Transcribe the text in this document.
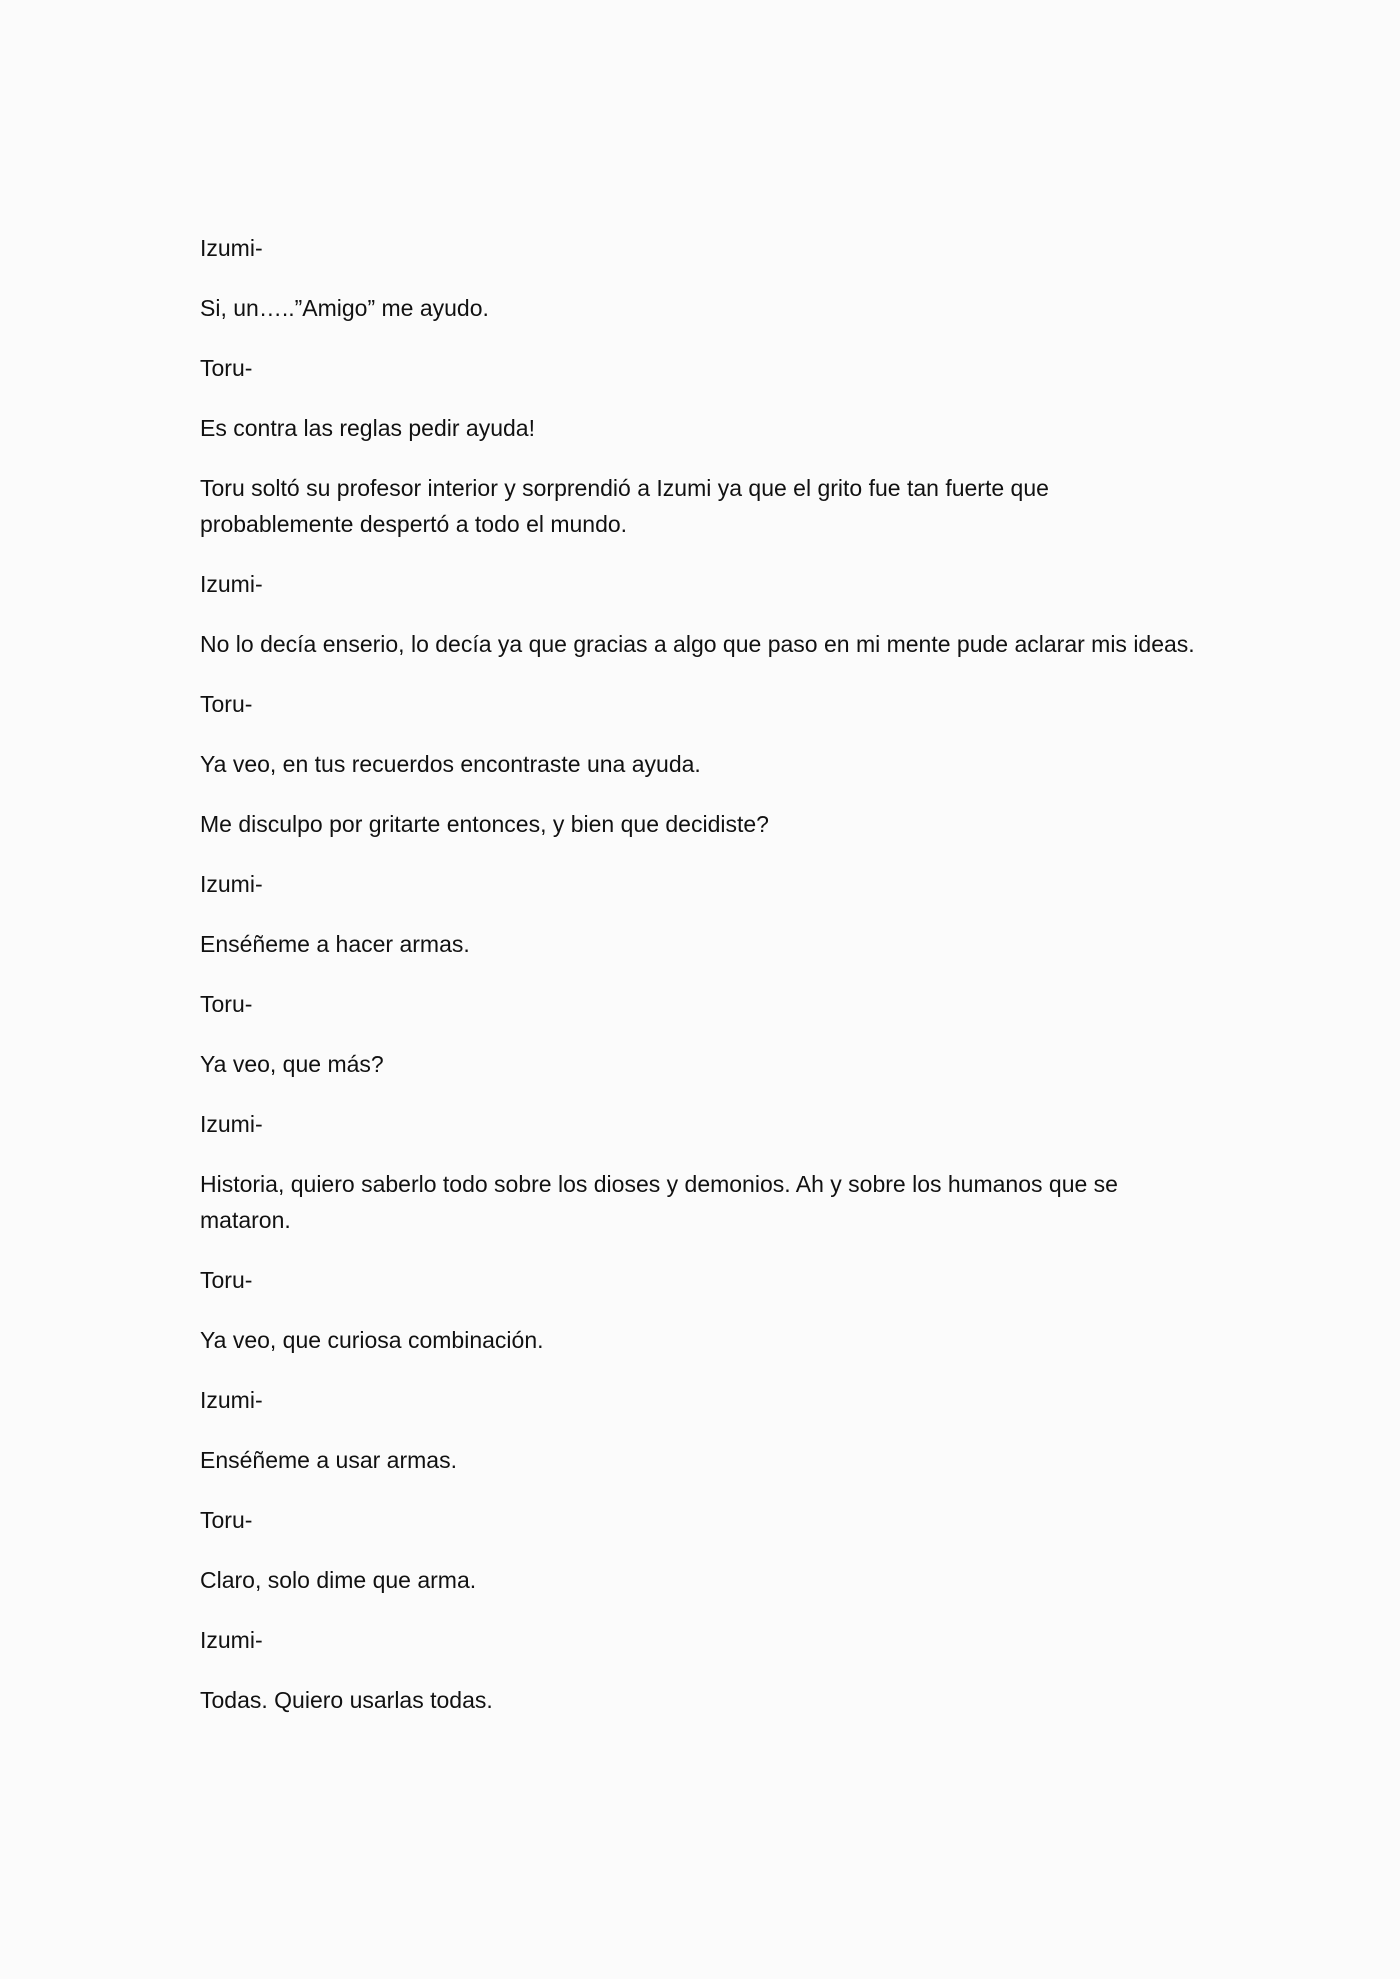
Izumi-

Si, un…..”Amigo” me ayudo.

Toru-

Es contra las reglas pedir ayuda!

Toru soltó su profesor interior y sorprendió a Izumi ya que el grito fue tan fuerte que probablemente despertó a todo el mundo.

Izumi-

No lo decía enserio, lo decía ya que gracias a algo que paso en mi mente pude aclarar mis ideas.

Toru-

Ya veo, en tus recuerdos encontraste una ayuda.

Me disculpo por gritarte entonces, y bien que decidiste?

Izumi-

Enséñeme a hacer armas.

Toru-

Ya veo, que más?

Izumi-

Historia, quiero saberlo todo sobre los dioses y demonios. Ah y sobre los humanos que se mataron.

Toru-

Ya veo, que curiosa combinación.

Izumi-

Enséñeme a usar armas.

Toru-

Claro, solo dime que arma.

Izumi-

Todas. Quiero usarlas todas.
